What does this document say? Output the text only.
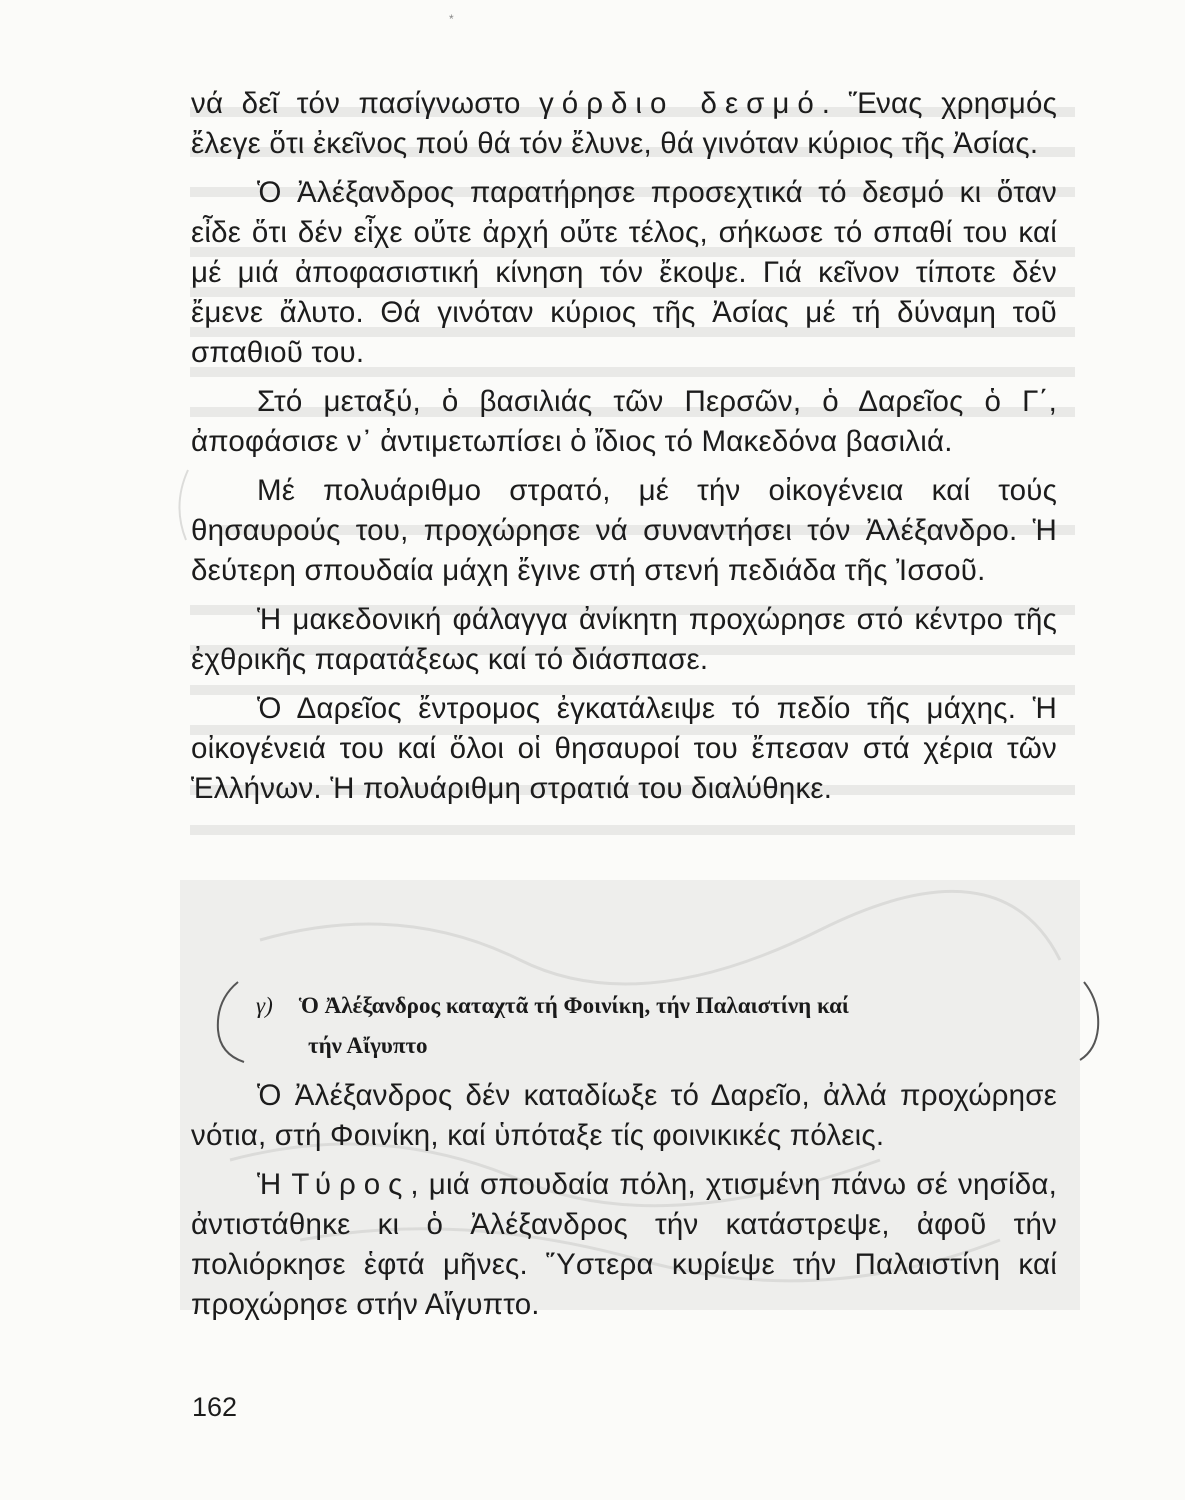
*

νά δεῖ τόν πασίγνωστο γόρδιο δεσμό. Ἕνας χρησμός ἔλεγε ὅτι ἐκεῖνος πού θά τόν ἔλυνε, θά γινόταν κύριος τῆς Ἀσίας.

Ὁ Ἀλέξανδρος παρατήρησε προσεχτικά τό δεσμό κι ὅταν εἶδε ὅτι δέν εἶχε οὔτε ἀρχή οὔτε τέλος, σήκωσε τό σπαθί του καί μέ μιά ἀποφασιστική κίνηση τόν ἔκοψε. Γιά κεῖνον τίποτε δέν ἔμενε ἄλυτο. Θά γινόταν κύριος τῆς Ἀσίας μέ τή δύναμη τοῦ σπαθιοῦ του.

Στό μεταξύ, ὁ βασιλιάς τῶν Περσῶν, ὁ Δαρεῖος ὁ Γ΄, ἀποφάσισε ν᾽ ἀντιμετωπίσει ὁ ἴδιος τό Μακεδόνα βασιλιά.

Μέ πολυάριθμο στρατό, μέ τήν οἰκογένεια καί τούς θησαυρούς του, προχώρησε νά συναντήσει τόν Ἀλέξανδρο. Ἡ δεύτερη σπουδαία μάχη ἔγινε στή στενή πεδιάδα τῆς Ἰσσοῦ.

Ἡ μακεδονική φάλαγγα ἀνίκητη προχώρησε στό κέντρο τῆς ἐχθρικῆς παρατάξεως καί τό διάσπασε.

Ὁ Δαρεῖος ἔντρομος ἐγκατάλειψε τό πεδίο τῆς μάχης. Ἡ οἰκογένειά του καί ὅλοι οἱ θησαυροί του ἔπεσαν στά χέρια τῶν Ἑλλήνων. Ἡ πολυάριθμη στρατιά του διαλύθηκε.

γ) Ὁ Ἀλέξανδρος καταχτᾶ τή Φοινίκη, τήν Παλαιστίνη καί
τήν Αἴγυπτο

Ὁ Ἀλέξανδρος δέν καταδίωξε τό Δαρεῖο, ἀλλά προχώρησε νότια, στή Φοινίκη, καί ὑπόταξε τίς φοινικικές πόλεις.

Ἡ Τύρος, μιά σπουδαία πόλη, χτισμένη πάνω σέ νησίδα, ἀντιστάθηκε κι ὁ Ἀλέξανδρος τήν κατάστρεψε, ἀφοῦ τήν πολιόρκησε ἑφτά μῆνες. Ὕστερα κυρίεψε τήν Παλαιστίνη καί προχώρησε στήν Αἴγυπτο.

162
